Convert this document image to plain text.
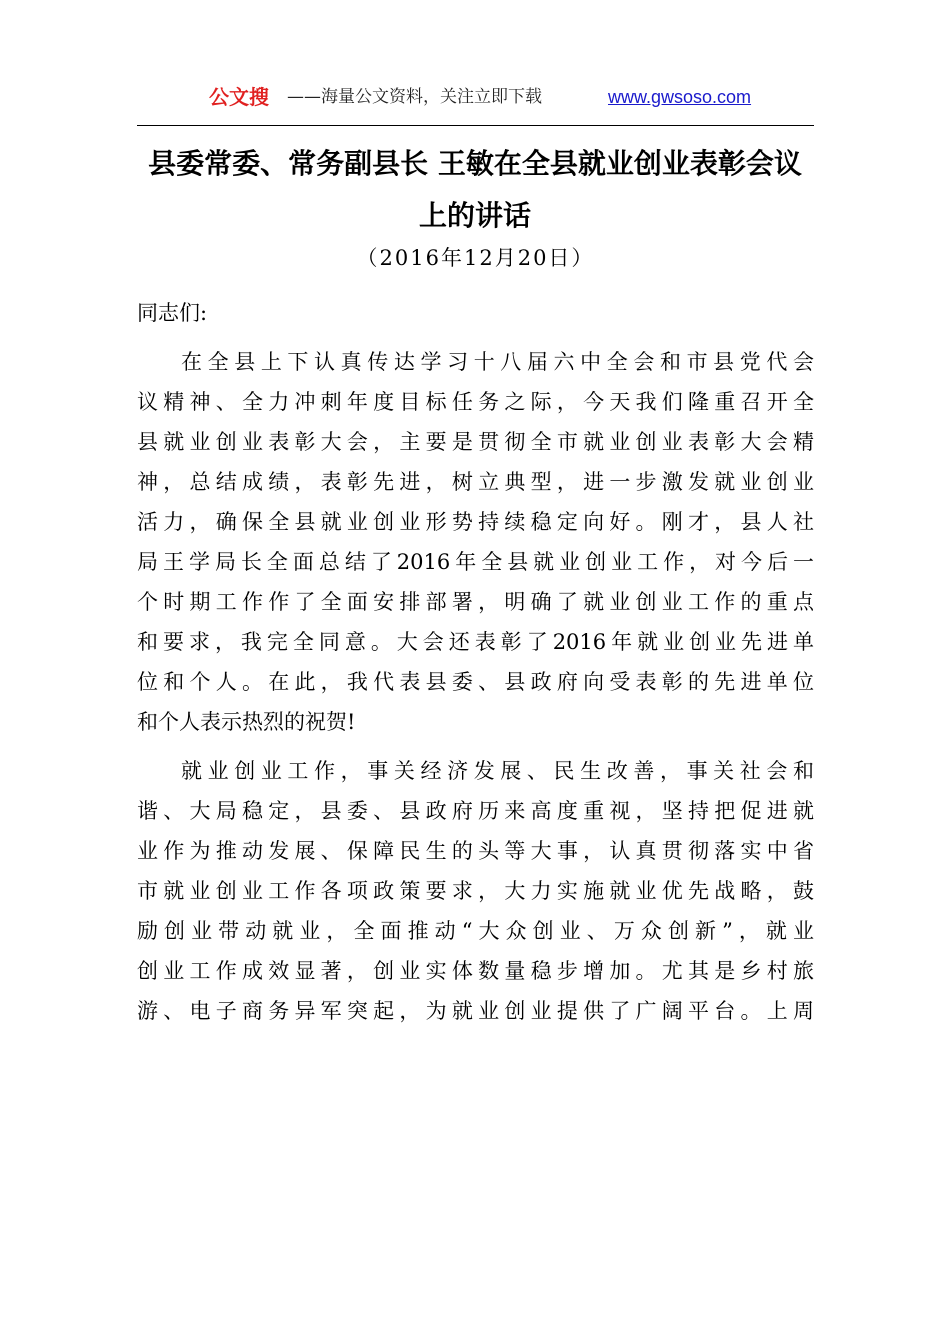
公文搜 ——海量公文资料，关注立即下载	www.gwsoso.com
县委常委、常务副县长 王敏在全县就业创业表彰会议
上的讲话
（2016年12月20日）
同志们:
在全县上下认真传达学习十八届六中全会和市县党代会
议精神、全力冲刺年度目标任务之际，今天我们隆重召开全
县就业创业表彰大会，主要是贯彻全市就业创业表彰大会精
神，总结成绩，表彰先进，树立典型，进一步激发就业创业
活力，确保全县就业创业形势持续稳定向好。刚才，县人社
局王学局长全面总结了2016年全县就业创业工作，对今后一
个时期工作作了全面安排部署，明确了就业创业工作的重点
和要求，我完全同意。大会还表彰了2016年就业创业先进单
位和个人。在此，我代表县委、县政府向受表彰的先进单位
和个人表示热烈的祝贺!
就业创业工作，事关经济发展、民生改善，事关社会和
谐、大局稳定，县委、县政府历来高度重视，坚持把促进就
业作为推动发展、保障民生的头等大事，认真贯彻落实中省
市就业创业工作各项政策要求，大力实施就业优先战略，鼓
励创业带动就业，全面推动“大众创业、万众创新”，就业
创业工作成效显著，创业实体数量稳步增加。尤其是乡村旅
游、电子商务异军突起，为就业创业提供了广阔平台。上周
